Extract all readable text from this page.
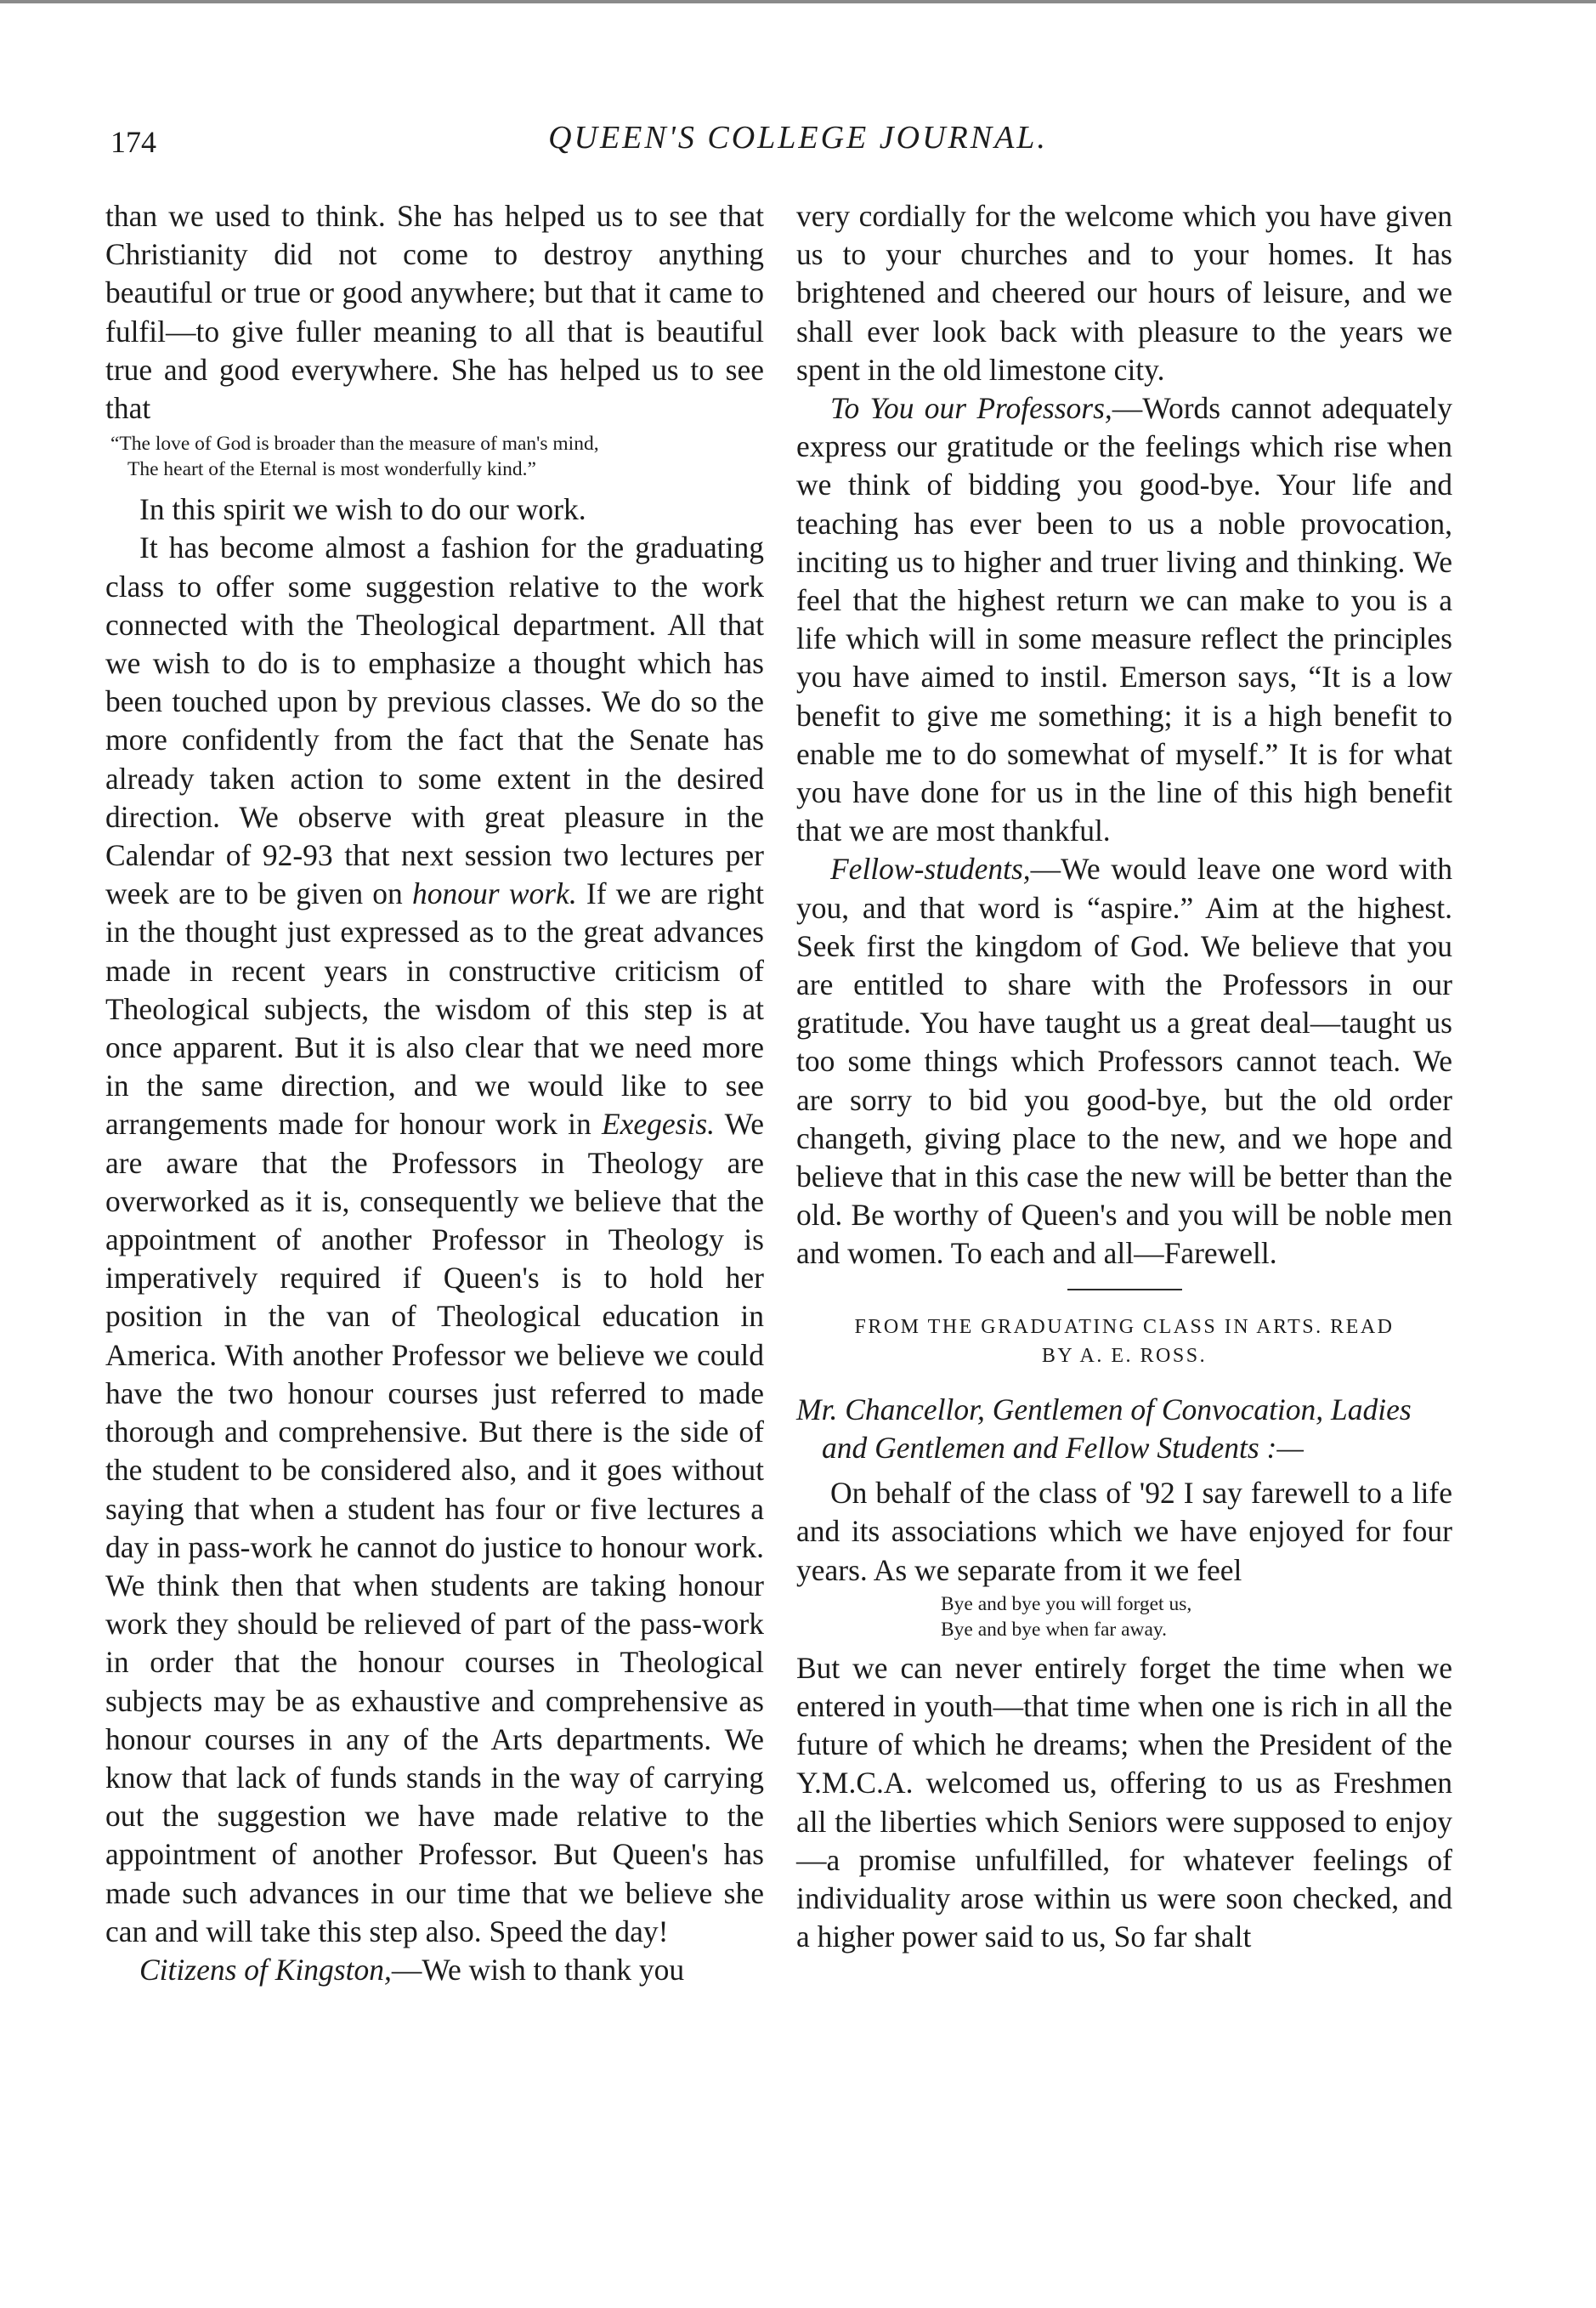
174	QUEEN'S COLLEGE JOURNAL.

than we used to think. She has helped us to see that Christianity did not come to destroy anything beautiful or true or good anywhere; but that it came to fulfil—to give fuller meaning to all that is beautiful true and good everywhere. She has helped us to see that

“The love of God is broader than the measure of man's mind,
The heart of the Eternal is most wonderfully kind.”

In this spirit we wish to do our work.

It has become almost a fashion for the graduating class to offer some suggestion relative to the work connected with the Theological department. All that we wish to do is to emphasize a thought which has been touched upon by previous classes. We do so the more confidently from the fact that the Senate has already taken action to some extent in the desired direction. We observe with great pleasure in the Calendar of 92-93 that next session two lectures per week are to be given on honour work. If we are right in the thought just expressed as to the great advances made in recent years in constructive criticism of Theological subjects, the wisdom of this step is at once apparent. But it is also clear that we need more in the same direction, and we would like to see arrangements made for honour work in Exegesis. We are aware that the Professors in Theology are overworked as it is, consequently we believe that the appointment of another Professor in Theology is imperatively required if Queen's is to hold her position in the van of Theological education in America. With another Professor we believe we could have the two honour courses just referred to made thorough and comprehensive. But there is the side of the student to be considered also, and it goes without saying that when a student has four or five lectures a day in pass-work he cannot do justice to honour work. We think then that when students are taking honour work they should be relieved of part of the pass-work in order that the honour courses in Theological subjects may be as exhaustive and comprehensive as honour courses in any of the Arts departments. We know that lack of funds stands in the way of carrying out the suggestion we have made relative to the appointment of another Professor. But Queen's has made such advances in our time that we believe she can and will take this step also. Speed the day!

Citizens of Kingston,—We wish to thank you

very cordially for the welcome which you have given us to your churches and to your homes. It has brightened and cheered our hours of leisure, and we shall ever look back with pleasure to the years we spent in the old limestone city.

To You our Professors,—Words cannot adequately express our gratitude or the feelings which rise when we think of bidding you good-bye. Your life and teaching has ever been to us a noble provocation, inciting us to higher and truer living and thinking. We feel that the highest return we can make to you is a life which will in some measure reflect the principles you have aimed to instil. Emerson says, “It is a low benefit to give me something; it is a high benefit to enable me to do somewhat of myself.” It is for what you have done for us in the line of this high benefit that we are most thankful.

Fellow-students,—We would leave one word with you, and that word is “aspire.” Aim at the highest. Seek first the kingdom of God. We believe that you are entitled to share with the Professors in our gratitude. You have taught us a great deal—taught us too some things which Professors cannot teach. We are sorry to bid you good-bye, but the old order changeth, giving place to the new, and we hope and believe that in this case the new will be better than the old. Be worthy of Queen's and you will be noble men and women. To each and all—Farewell.

FROM THE GRADUATING CLASS IN ARTS. READ
BY A. E. ROSS.

Mr. Chancellor, Gentlemen of Convocation, Ladies and Gentlemen and Fellow Students :—

On behalf of the class of '92 I say farewell to a life and its associations which we have enjoyed for four years. As we separate from it we feel

Bye and bye you will forget us,
Bye and bye when far away.

But we can never entirely forget the time when we entered in youth—that time when one is rich in all the future of which he dreams; when the President of the Y.M.C.A. welcomed us, offering to us as Freshmen all the liberties which Seniors were supposed to enjoy—a promise unfulfilled, for whatever feelings of individuality arose within us were soon checked, and a higher power said to us, So far shalt
